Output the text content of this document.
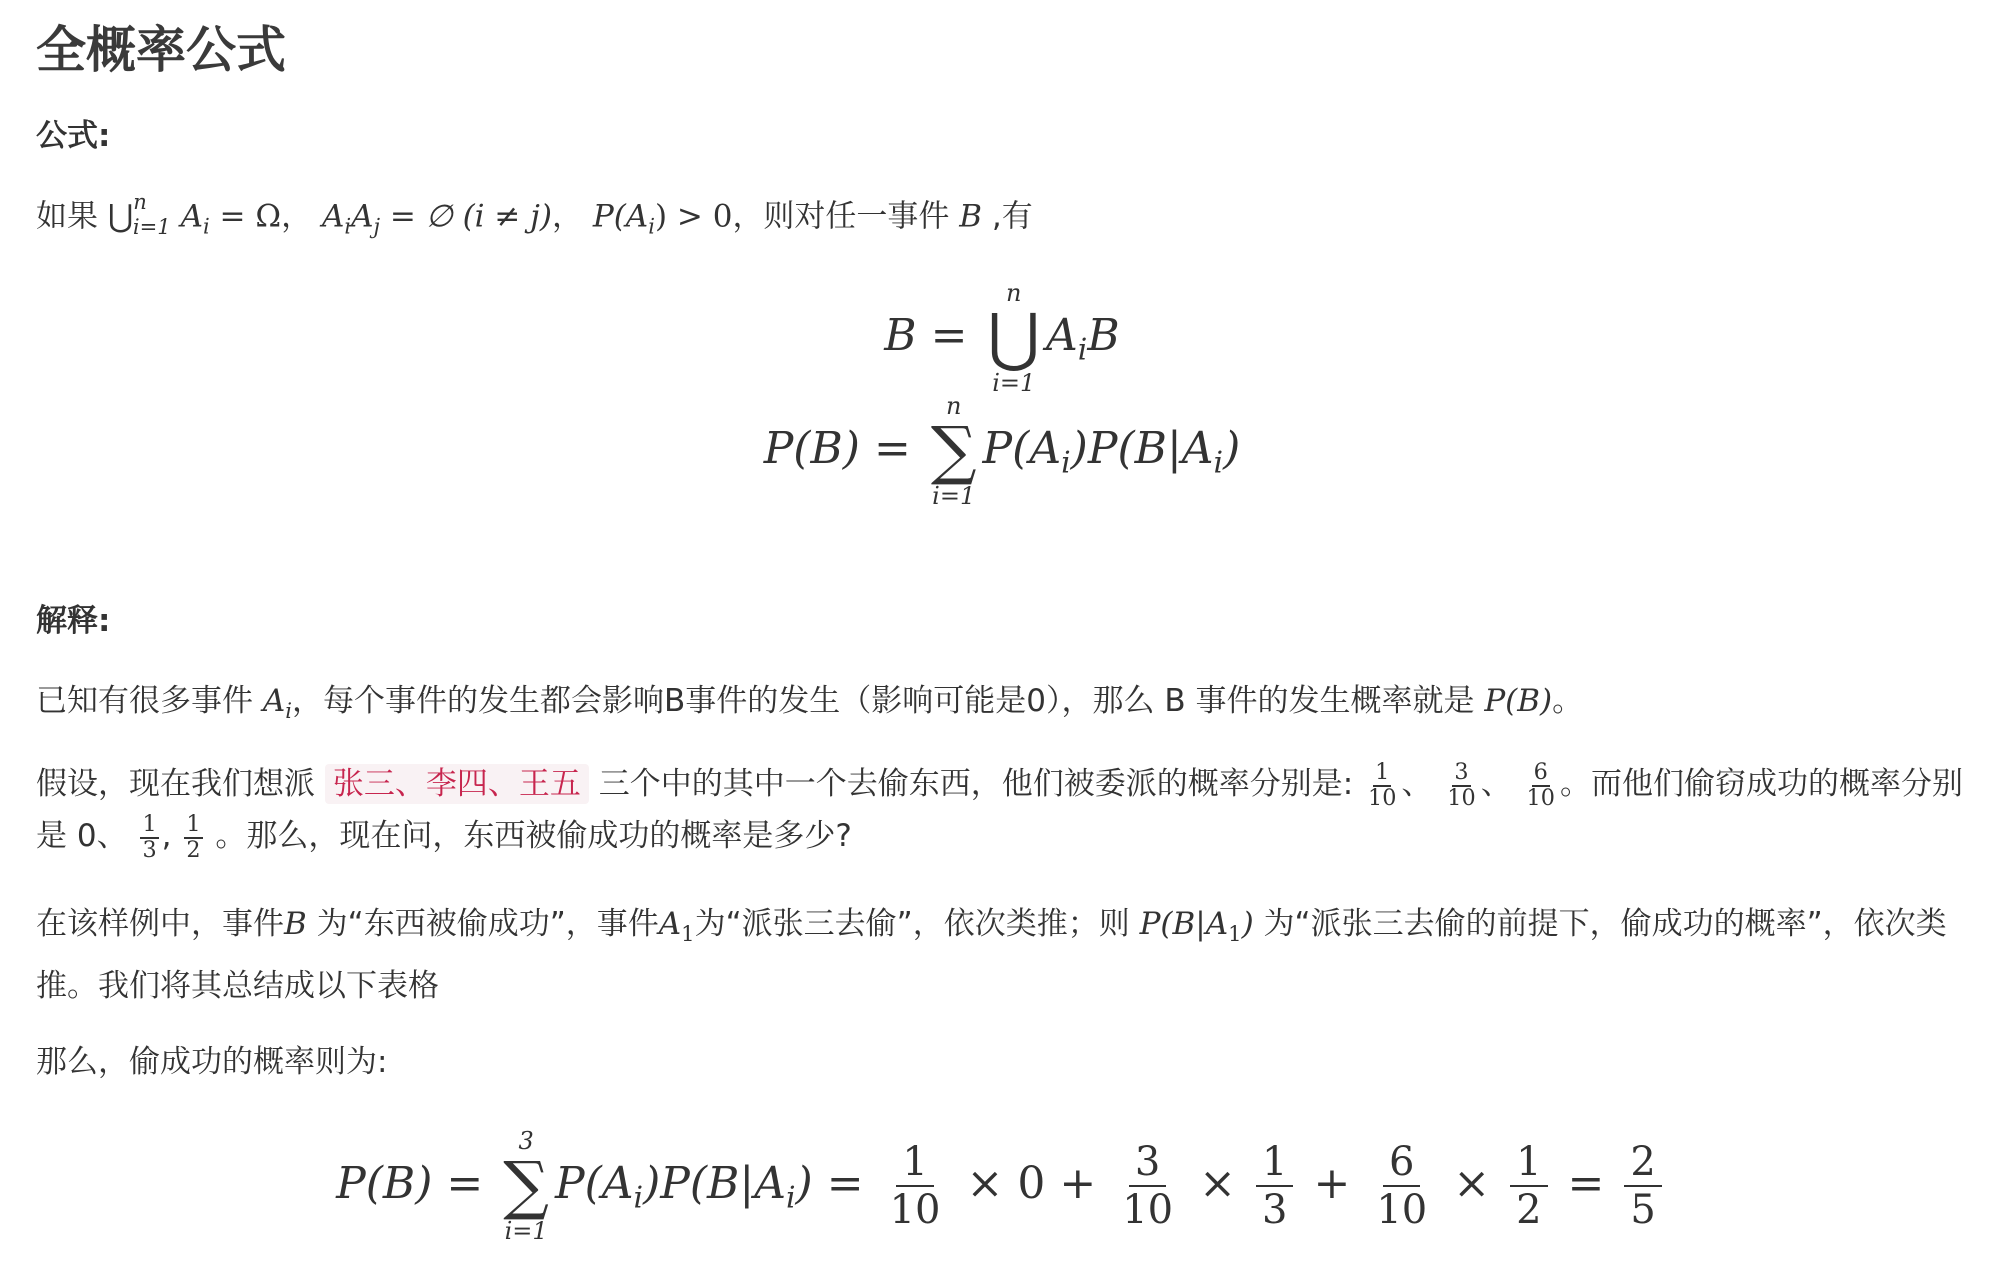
全概率公式
公式:
如果 ⋃$^n_{i=1}$ $A_i = \Omega$， $A_iA_j$ = ∅ (i ≠ j)， $P(A_i) > 0$，则对任一事件 B ,有
B =
n
⋃
i=1
$A_iB$
P(B) =
n
∑
i=1
$P(A_i)P(B|A_i)$
解释:
已知有很多事件 $A_i$，每个事件的发生都会影响B事件的发生（影响可能是0），那么 B 事件的发生概率就是 P(B)。
假设，现在我们想派 张三、李四、王五 三个中的其中一个去偷东西，他们被委派的概率分别是: $\frac{1}{10}$ 、 $\frac{3}{10}$ 、 $\frac{6}{10}$ 。而他们偷窃成功的概率分别是 0、 $\frac{1}{3}$ , $\frac{1}{2}$ 。那么，现在问，东西被偷成功的概率是多少?
在该样例中，事件B 为“东西被偷成功”，事件$A_1$为“派张三去偷”，依次类推；则 $P(B|A_1)$ 为“派张三去偷的前提下，偷成功的概率”，依次类推。我们将其总结成以下表格
那么，偷成功的概率则为:
P(B) =
3
∑
i=1
$P(A_i)P(B|A_i) = \frac{1}{10} \times 0 + \frac{3}{10} \times \frac{1}{3} + \frac{6}{10} \times \frac{1}{2} = \frac{2}{5}$
